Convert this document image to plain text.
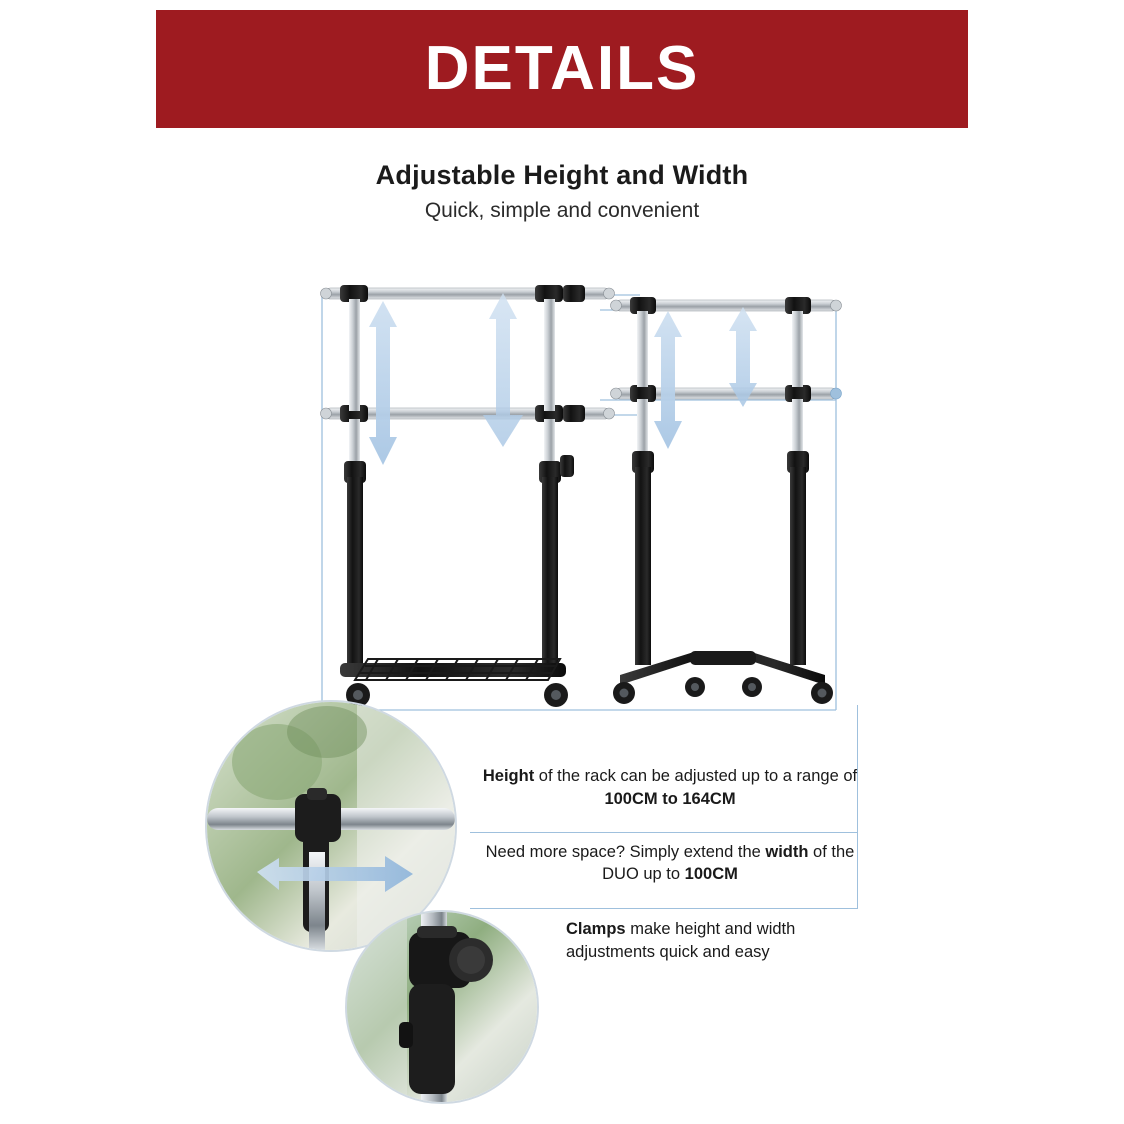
DETAILS
Adjustable Height and Width
Quick, simple and convenient
Height of the rack can be adjusted up to a range of 100CM to 164CM
Need more space? Simply extend the width of the DUO up to 100CM
Clamps make height and width adjustments quick and easy
